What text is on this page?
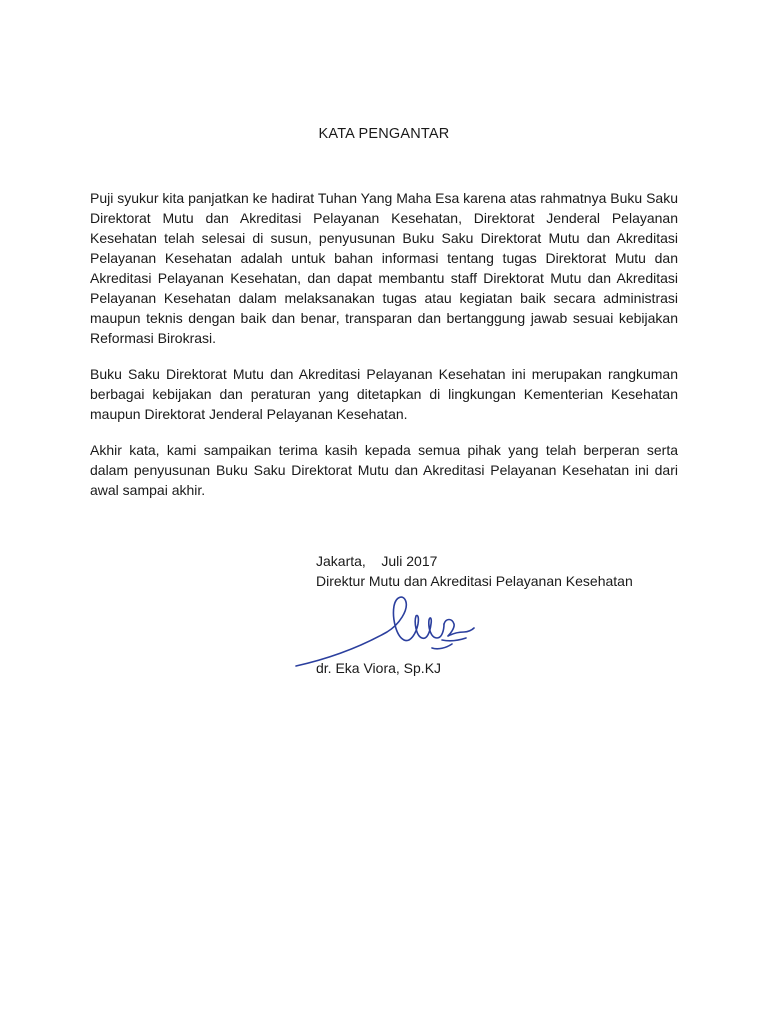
KATA PENGANTAR

Puji syukur kita panjatkan ke hadirat Tuhan Yang Maha Esa karena atas rahmatnya Buku Saku Direktorat Mutu dan Akreditasi Pelayanan Kesehatan, Direktorat Jenderal Pelayanan Kesehatan telah selesai di susun, penyusunan Buku Saku Direktorat Mutu dan Akreditasi Pelayanan Kesehatan adalah untuk bahan informasi tentang tugas Direktorat Mutu dan Akreditasi Pelayanan Kesehatan, dan dapat membantu staff Direktorat Mutu dan Akreditasi Pelayanan Kesehatan dalam melaksanakan tugas atau kegiatan baik secara administrasi maupun teknis dengan baik dan benar, transparan dan bertanggung jawab sesuai kebijakan Reformasi Birokrasi.

Buku Saku Direktorat Mutu dan Akreditasi Pelayanan Kesehatan ini merupakan rangkuman berbagai kebijakan dan peraturan yang ditetapkan di lingkungan Kementerian Kesehatan maupun Direktorat Jenderal Pelayanan Kesehatan.

Akhir kata, kami sampaikan terima kasih kepada semua pihak yang telah berperan serta dalam penyusunan Buku Saku Direktorat Mutu dan Akreditasi Pelayanan Kesehatan ini dari awal sampai akhir.

Jakarta,    Juli 2017
Direktur Mutu dan Akreditasi Pelayanan Kesehatan
dr. Eka Viora, Sp.KJ
